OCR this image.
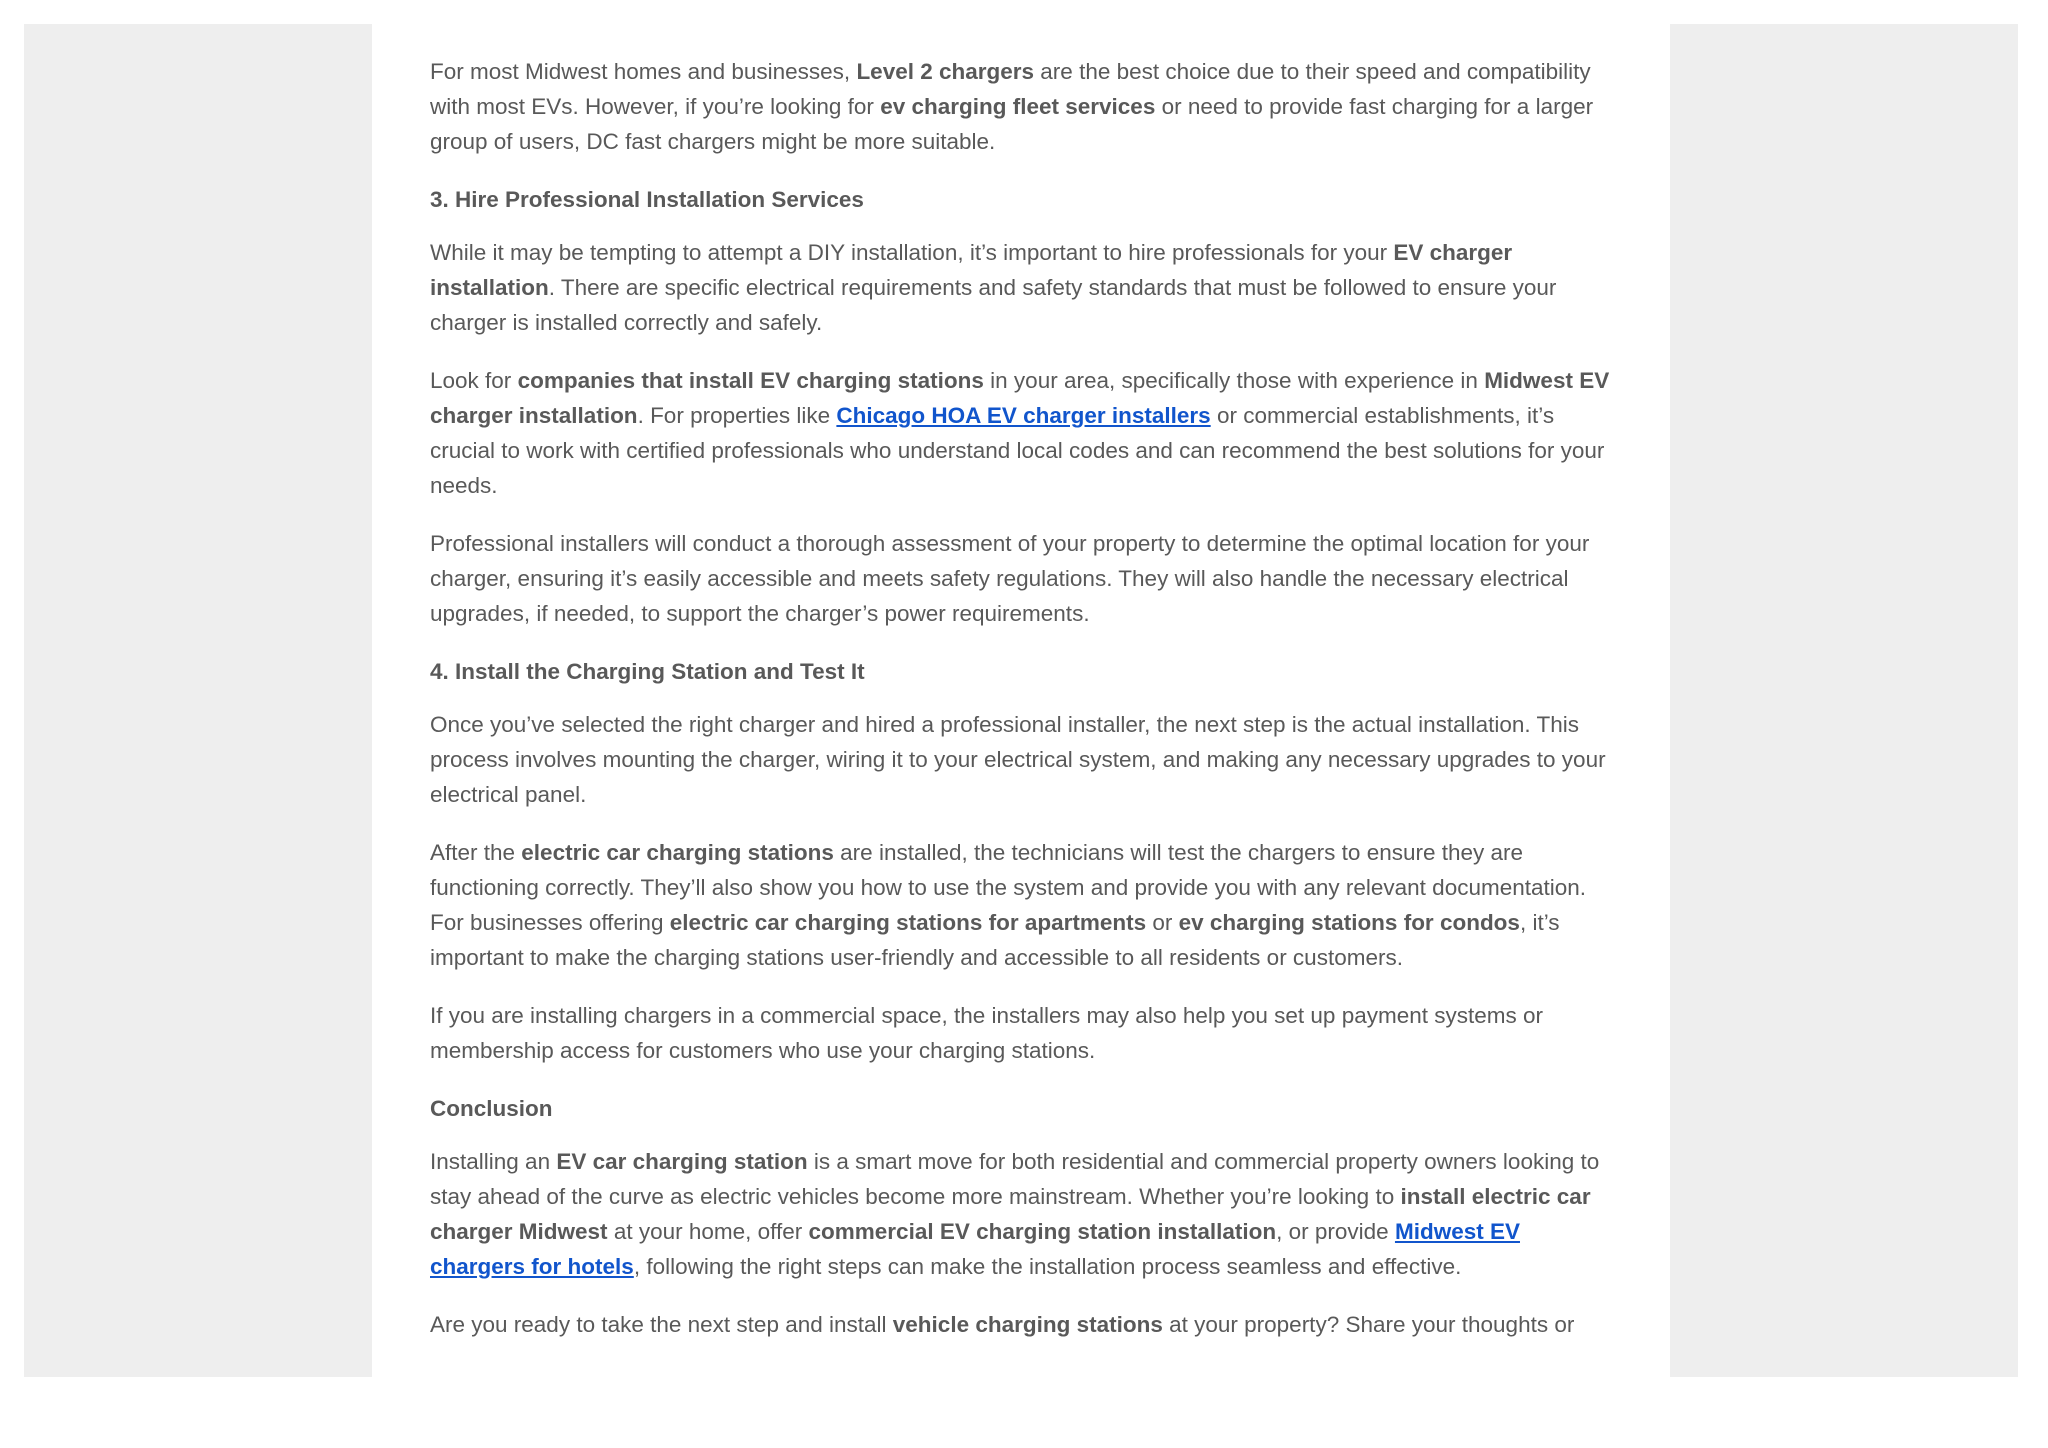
For most Midwest homes and businesses, Level 2 chargers are the best choice due to their speed and compatibility with most EVs. However, if you’re looking for ev charging fleet services or need to provide fast charging for a larger group of users, DC fast chargers might be more suitable.

3. Hire Professional Installation Services

While it may be tempting to attempt a DIY installation, it’s important to hire professionals for your EV charger installation. There are specific electrical requirements and safety standards that must be followed to ensure your charger is installed correctly and safely.

Look for companies that install EV charging stations in your area, specifically those with experience in Midwest EV charger installation. For properties like Chicago HOA EV charger installers or commercial establishments, it’s crucial to work with certified professionals who understand local codes and can recommend the best solutions for your needs.

Professional installers will conduct a thorough assessment of your property to determine the optimal location for your charger, ensuring it’s easily accessible and meets safety regulations. They will also handle the necessary electrical upgrades, if needed, to support the charger’s power requirements.

4. Install the Charging Station and Test It

Once you’ve selected the right charger and hired a professional installer, the next step is the actual installation. This process involves mounting the charger, wiring it to your electrical system, and making any necessary upgrades to your electrical panel.

After the electric car charging stations are installed, the technicians will test the chargers to ensure they are functioning correctly. They’ll also show you how to use the system and provide you with any relevant documentation. For businesses offering electric car charging stations for apartments or ev charging stations for condos, it’s important to make the charging stations user-friendly and accessible to all residents or customers.

If you are installing chargers in a commercial space, the installers may also help you set up payment systems or membership access for customers who use your charging stations.

Conclusion

Installing an EV car charging station is a smart move for both residential and commercial property owners looking to stay ahead of the curve as electric vehicles become more mainstream. Whether you’re looking to install electric car charger Midwest at your home, offer commercial EV charging station installation, or provide Midwest EV chargers for hotels, following the right steps can make the installation process seamless and effective.

Are you ready to take the next step and install vehicle charging stations at your property? Share your thoughts or
